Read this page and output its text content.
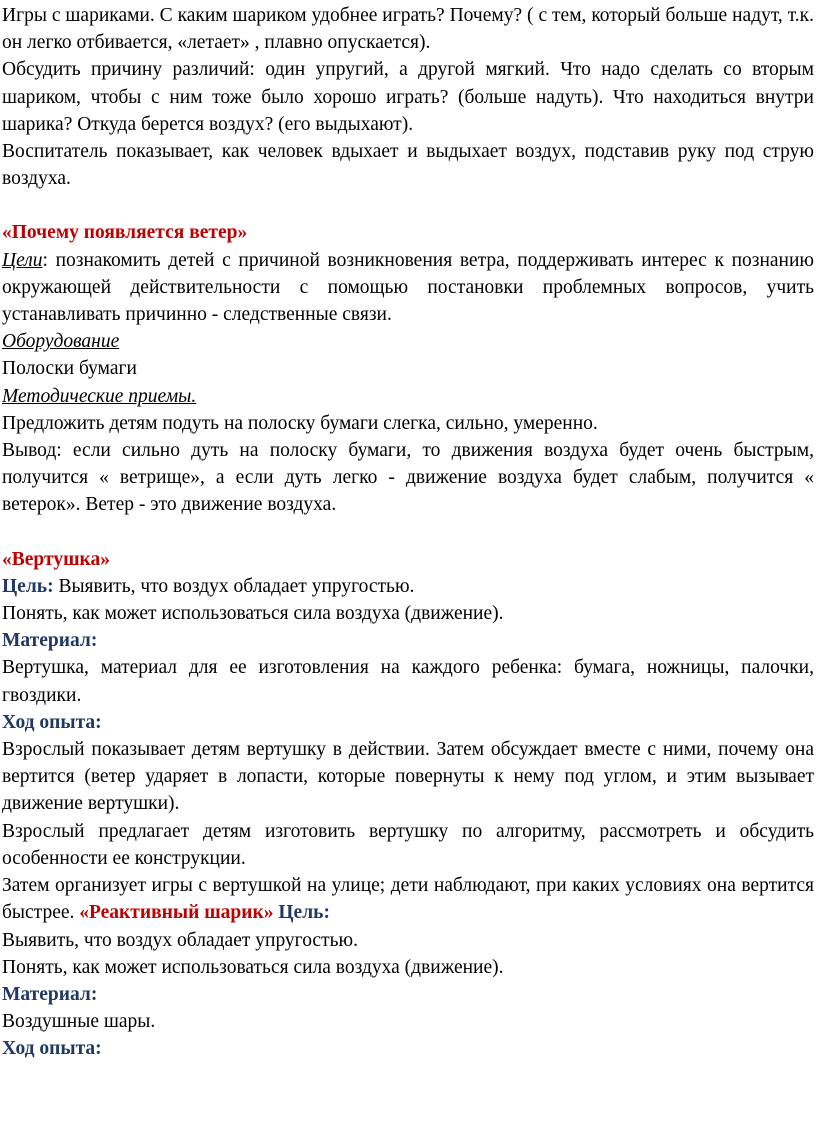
Игры с шариками. С каким шариком удобнее играть? Почему? ( с тем, который больше надут, т.к. он легко отбивается, «летает» , плавно опускается).

Обсудить причину различий: один упругий, а другой мягкий. Что надо сделать со вторым шариком, чтобы с ним тоже было хорошо играть? (больше надуть). Что находиться внутри шарика? Откуда берется воздух? (его выдыхают).

Воспитатель показывает, как человек вдыхает и выдыхает воздух, подставив руку под струю воздуха.

«Почему появляется ветер»

Цели: познакомить детей с причиной возникновения ветра, поддерживать интерес к познанию окружающей действительности с помощью постановки проблемных вопросов, учить устанавливать причинно - следственные связи.

Оборудование

Полоски бумаги

Методические приемы.

Предложить детям подуть на полоску бумаги слегка, сильно, умеренно.

Вывод: если сильно дуть на полоску бумаги, то движения воздуха будет очень быстрым, получится « ветрище», а если дуть легко - движение воздуха будет слабым, получится « ветерок». Ветер - это движение воздуха.

«Вертушка»

Цель: Выявить, что воздух обладает упругостью.

Понять, как может использоваться сила воздуха (движение).

Материал:

Вертушка, материал для ее изготовления на каждого ребенка: бумага, ножницы, палочки, гвоздики.

Ход опыта:

Взрослый показывает детям вертушку в действии. Затем обсуждает вместе с ними, почему она вертится (ветер ударяет в лопасти, которые повернуты к нему под углом, и этим вызывает движение вертушки).

Взрослый предлагает детям изготовить вертушку по алгоритму, рассмотреть и обсудить особенности ее конструкции.

Затем организует игры с вертушкой на улице; дети наблюдают, при каких условиях она вертится быстрее. «Реактивный шарик» Цель:

Выявить, что воздух обладает упругостью.

Понять, как может использоваться сила воздуха (движение).

Материал:

Воздушные шары.

Ход опыта:
